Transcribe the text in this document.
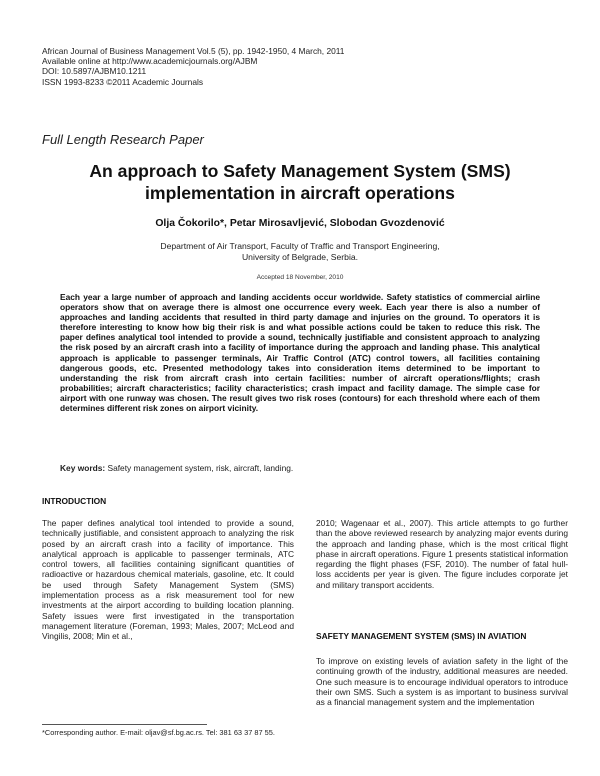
African Journal of Business Management Vol.5 (5), pp. 1942-1950, 4 March, 2011
Available online at http://www.academicjournals.org/AJBM
DOI: 10.5897/AJBM10.1211
ISSN 1993-8233 ©2011 Academic Journals
Full Length Research Paper
An approach to Safety Management System (SMS) implementation in aircraft operations
Olja Čokorilo*, Petar Mirosavljević, Slobodan Gvozdenović
Department of Air Transport, Faculty of Traffic and Transport Engineering, University of Belgrade, Serbia.
Accepted 18 November, 2010
Each year a large number of approach and landing accidents occur worldwide. Safety statistics of commercial airline operators show that on average there is almost one occurrence every week. Each year there is also a number of approaches and landing accidents that resulted in third party damage and injuries on the ground. To operators it is therefore interesting to know how big their risk is and what possible actions could be taken to reduce this risk. The paper defines analytical tool intended to provide a sound, technically justifiable and consistent approach to analyzing the risk posed by an aircraft crash into a facility of importance during the approach and landing phase. This analytical approach is applicable to passenger terminals, Air Traffic Control (ATC) control towers, all facilities containing dangerous goods, etc. Presented methodology takes into consideration items determined to be important to understanding the risk from aircraft crash into certain facilities: number of aircraft operations/flights; crash probabilities; aircraft characteristics; facility characteristics; crash impact and facility damage. The simple case for airport with one runway was chosen. The result gives two risk roses (contours) for each threshold where each of them determines different risk zones on airport vicinity.
Key words: Safety management system, risk, aircraft, landing.
INTRODUCTION
The paper defines analytical tool intended to provide a sound, technically justifiable, and consistent approach to analyzing the risk posed by an aircraft crash into a facility of importance. This analytical approach is applicable to passenger terminals, ATC control towers, all facilities containing significant quantities of radioactive or hazardous chemical materials, gasoline, etc. It could be used through Safety Management System (SMS) implementation process as a risk measurement tool for new investments at the airport according to building location planning. Safety issues were first investigated in the transportation management literature (Foreman, 1993; Males, 2007; McLeod and Vingilis, 2008; Min et al.,
2010; Wagenaar et al., 2007). This article attempts to go further than the above reviewed research by analyzing major events during the approach and landing phase, which is the most critical flight phase in aircraft operations. Figure 1 presents statistical information regarding the flight phases (FSF, 2010). The number of fatal hull-loss accidents per year is given. The figure includes corporate jet and military transport accidents.
SAFETY MANAGEMENT SYSTEM (SMS) IN AVIATION
To improve on existing levels of aviation safety in the light of the continuing growth of the industry, additional measures are needed. One such measure is to encourage individual operators to introduce their own SMS. Such a system is as important to business survival as a financial management system and the implementation
*Corresponding author. E-mail: oljav@sf.bg.ac.rs. Tel: 381 63 37 87 55.
